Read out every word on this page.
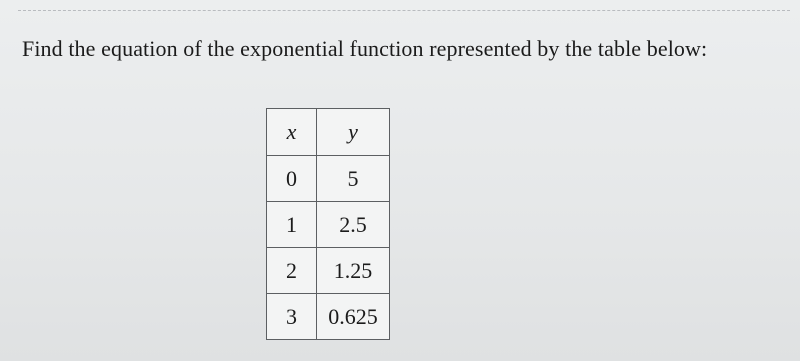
Find the equation of the exponential function represented by the table below:

x	y
0	5
1	2.5
2	1.25
3	0.625
